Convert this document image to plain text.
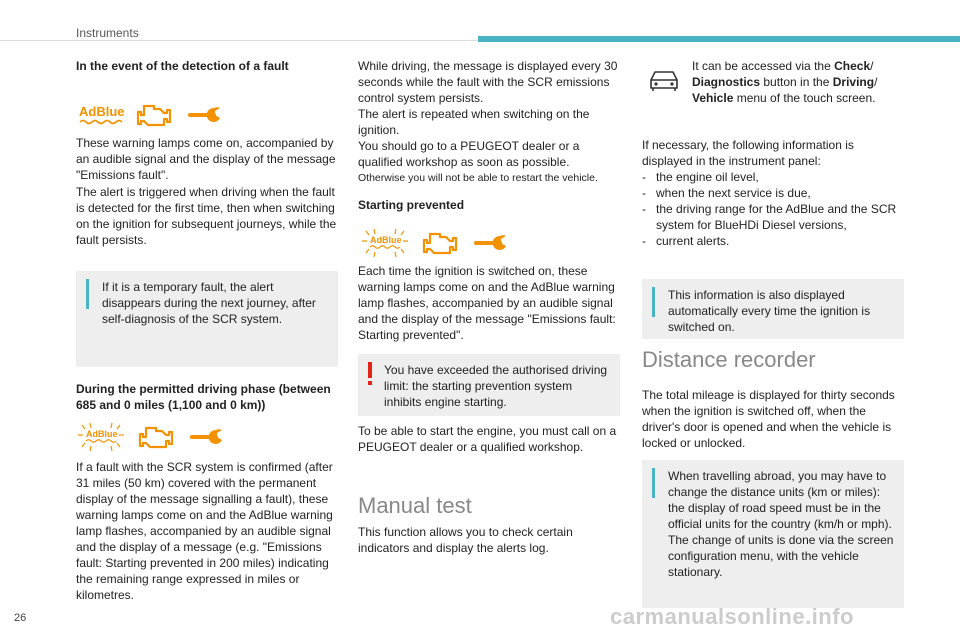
Instruments
In the event of the detection of a fault
AdBlue
These warning lamps come on, accompanied by an audible signal and the display of the message "Emissions fault".
The alert is triggered when driving when the fault is detected for the first time, then when switching on the ignition for subsequent journeys, while the fault persists.
If it is a temporary fault, the alert disappears during the next journey, after self-diagnosis of the SCR system.
During the permitted driving phase (between 685 and 0 miles (1,100 and 0 km))
AdBlue
If a fault with the SCR system is confirmed (after 31 miles (50 km) covered with the permanent display of the message signalling a fault), these warning lamps come on and the AdBlue warning lamp flashes, accompanied by an audible signal and the display of a message (e.g. "Emissions fault: Starting prevented in 200 miles) indicating the remaining range expressed in miles or kilometres.
While driving, the message is displayed every 30 seconds while the fault with the SCR emissions control system persists.
The alert is repeated when switching on the ignition.
You should go to a PEUGEOT dealer or a qualified workshop as soon as possible.
Otherwise you will not be able to restart the vehicle.
Starting prevented
AdBlue
Each time the ignition is switched on, these warning lamps come on and the AdBlue warning lamp flashes, accompanied by an audible signal and the display of the message "Emissions fault: Starting prevented".
You have exceeded the authorised driving limit: the starting prevention system inhibits engine starting.
To be able to start the engine, you must call on a PEUGEOT dealer or a qualified workshop.
Manual test
This function allows you to check certain indicators and display the alerts log.
It can be accessed via the Check/ Diagnostics button in the Driving/ Vehicle menu of the touch screen.
If necessary, the following information is displayed in the instrument panel:
- the engine oil level,
- when the next service is due,
- the driving range for the AdBlue and the SCR system for BlueHDi Diesel versions,
- current alerts.
This information is also displayed automatically every time the ignition is switched on.
Distance recorder
The total mileage is displayed for thirty seconds when the ignition is switched off, when the driver's door is opened and when the vehicle is locked or unlocked.
When travelling abroad, you may have to change the distance units (km or miles): the display of road speed must be in the official units for the country (km/h or mph). The change of units is done via the screen configuration menu, with the vehicle stationary.
26	carmanualsonline.info
